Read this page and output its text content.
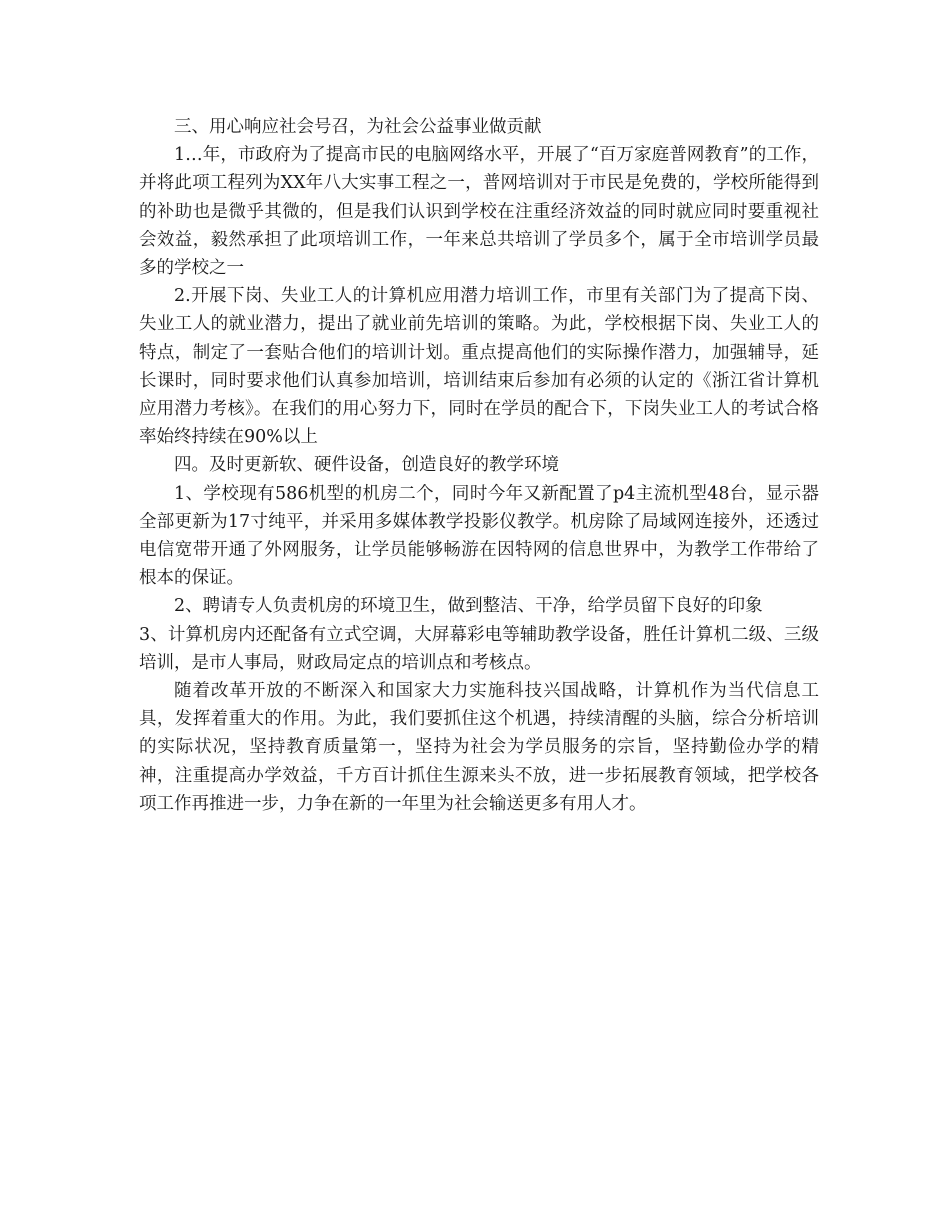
三、用心响应社会号召，为社会公益事业做贡献

1…年，市政府为了提高市民的电脑网络水平，开展了“百万家庭普网教育”的工作，并将此项工程列为XX年八大实事工程之一，普网培训对于市民是免费的，学校所能得到的补助也是微乎其微的，但是我们认识到学校在注重经济效益的同时就应同时要重视社会效益，毅然承担了此项培训工作，一年来总共培训了学员多个，属于全市培训学员最多的学校之一

2.开展下岗、失业工人的计算机应用潜力培训工作，市里有关部门为了提高下岗、失业工人的就业潜力，提出了就业前先培训的策略。为此，学校根据下岗、失业工人的特点，制定了一套贴合他们的培训计划。重点提高他们的实际操作潜力，加强辅导，延长课时，同时要求他们认真参加培训，培训结束后参加有必须的认定的《浙江省计算机应用潜力考核》。在我们的用心努力下，同时在学员的配合下，下岗失业工人的考试合格率始终持续在90%以上

四。及时更新软、硬件设备，创造良好的教学环境

1、学校现有586机型的机房二个，同时今年又新配置了p4主流机型48台，显示器全部更新为17寸纯平，并采用多媒体教学投影仪教学。机房除了局域网连接外，还透过电信宽带开通了外网服务，让学员能够畅游在因特网的信息世界中，为教学工作带给了根本的保证。

2、聘请专人负责机房的环境卫生，做到整洁、干净，给学员留下良好的印象

3、计算机房内还配备有立式空调，大屏幕彩电等辅助教学设备，胜任计算机二级、三级培训，是市人事局，财政局定点的培训点和考核点。

随着改革开放的不断深入和国家大力实施科技兴国战略，计算机作为当代信息工具，发挥着重大的作用。为此，我们要抓住这个机遇，持续清醒的头脑，综合分析培训的实际状况，坚持教育质量第一，坚持为社会为学员服务的宗旨，坚持勤俭办学的精神，注重提高办学效益，千方百计抓住生源来头不放，进一步拓展教育领域，把学校各项工作再推进一步，力争在新的一年里为社会输送更多有用人才。
